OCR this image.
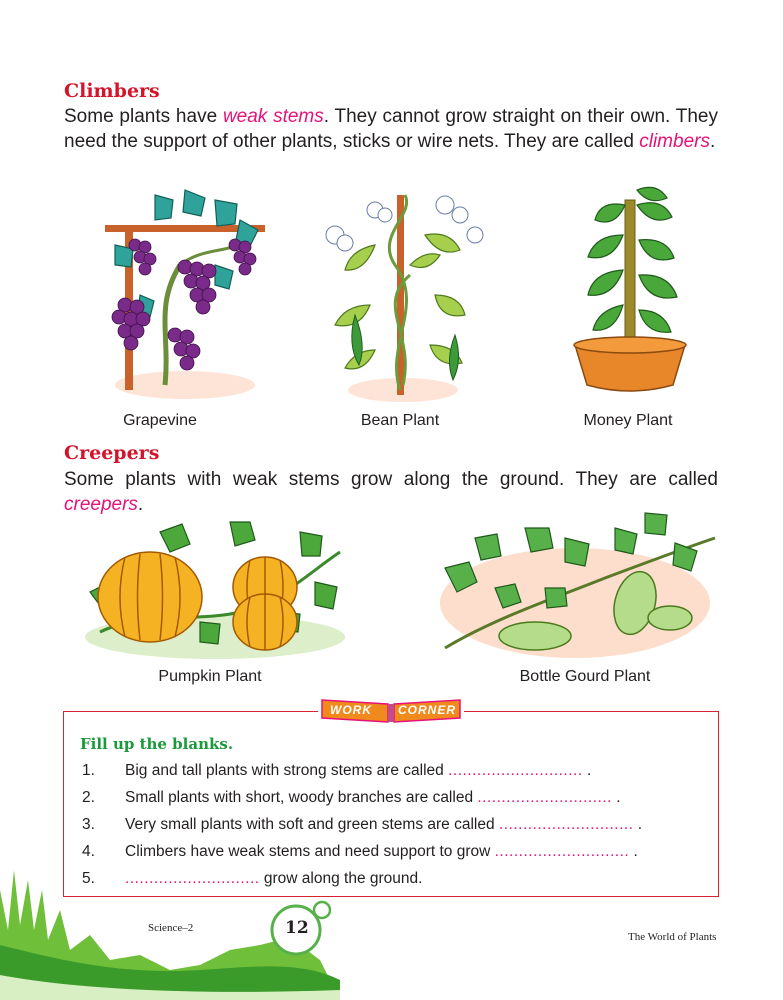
Climbers

Some plants have weak stems. They cannot grow straight on their own. They need the support of other plants, sticks or wire nets. They are called climbers.

Grapevine	Bean Plant	Money Plant
Creepers

Some plants with weak stems grow along the ground. They are called creepers.

Pumpkin Plant	Bottle Gourd Plant
WORK CORNER
Fill up the blanks.
1. Big and tall plants with strong stems are called ............................ .
2. Small plants with short, woody branches are called ............................ .
3. Very small plants with soft and green stems are called ............................ .
4. Climbers have weak stems and need support to grow ............................ .
5. ............................ grow along the ground.
Science–2	12	The World of Plants
